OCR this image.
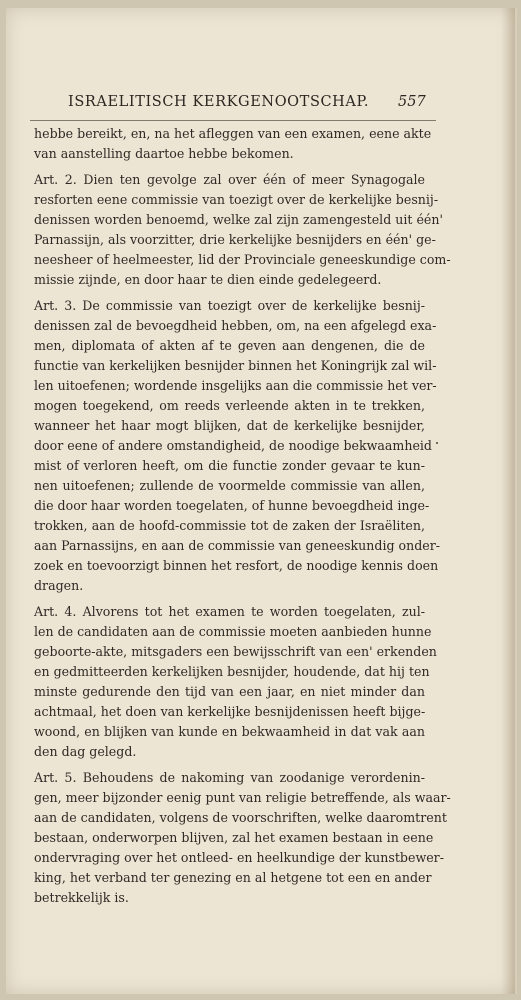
ISRAELITISCH KERKGENOOTSCHAP.	557
hebbe bereikt, en, na het afleggen van een examen, eene akte
van aanstelling daartoe hebbe bekomen.
Art. 2. Dien ten gevolge zal over één of meer Synagogale
resforten eene commissie van toezigt over de kerkelijke besnij-
denissen worden benoemd, welke zal zijn zamengesteld uit één'
Parnassijn, als voorzitter, drie kerkelijke besnijders en één' ge-
neesheer of heelmeester, lid der Provinciale geneeskundige com-
missie zijnde, en door haar te dien einde gedelegeerd.
Art. 3. De commissie van toezigt over de kerkelijke besnij-
denissen zal de bevoegdheid hebben, om, na een afgelegd exa-
men, diplomata of akten af te geven aan dengenen, die de
functie van kerkelijken besnijder binnen het Koningrijk zal wil-
len uitoefenen; wordende insgelijks aan die commissie het ver-
mogen toegekend, om reeds verleende akten in te trekken,
wanneer het haar mogt blijken, dat de kerkelijke besnijder,
door eene of andere omstandigheid, de noodige bekwaamheid
mist of verloren heeft, om die functie zonder gevaar te kun-
nen uitoefenen; zullende de voormelde commissie van allen,
die door haar worden toegelaten, of hunne bevoegdheid inge-
trokken, aan de hoofd-commissie tot de zaken der Israëliten,
aan Parnassijns, en aan de commissie van geneeskundig onder-
zoek en toevoorzigt binnen het resfort, de noodige kennis doen
dragen.
Art. 4. Alvorens tot het examen te worden toegelaten, zul-
len de candidaten aan de commissie moeten aanbieden hunne
geboorte-akte, mitsgaders een bewijsschrift van een' erkenden
en gedmitteerden kerkelijken besnijder, houdende, dat hij ten
minste gedurende den tijd van een jaar, en niet minder dan
achtmaal, het doen van kerkelijke besnijdenissen heeft bijge-
woond, en blijken van kunde en bekwaamheid in dat vak aan
den dag gelegd.
Art. 5. Behoudens de nakoming van zoodanige verordenin-
gen, meer bijzonder eenig punt van religie betreffende, als waar-
aan de candidaten, volgens de voorschriften, welke daaromtrent
bestaan, onderworpen blijven, zal het examen bestaan in eene
ondervraging over het ontleed- en heelkundige der kunstbewer-
king, het verband ter genezing en al hetgene tot een en ander
betrekkelijk is.
